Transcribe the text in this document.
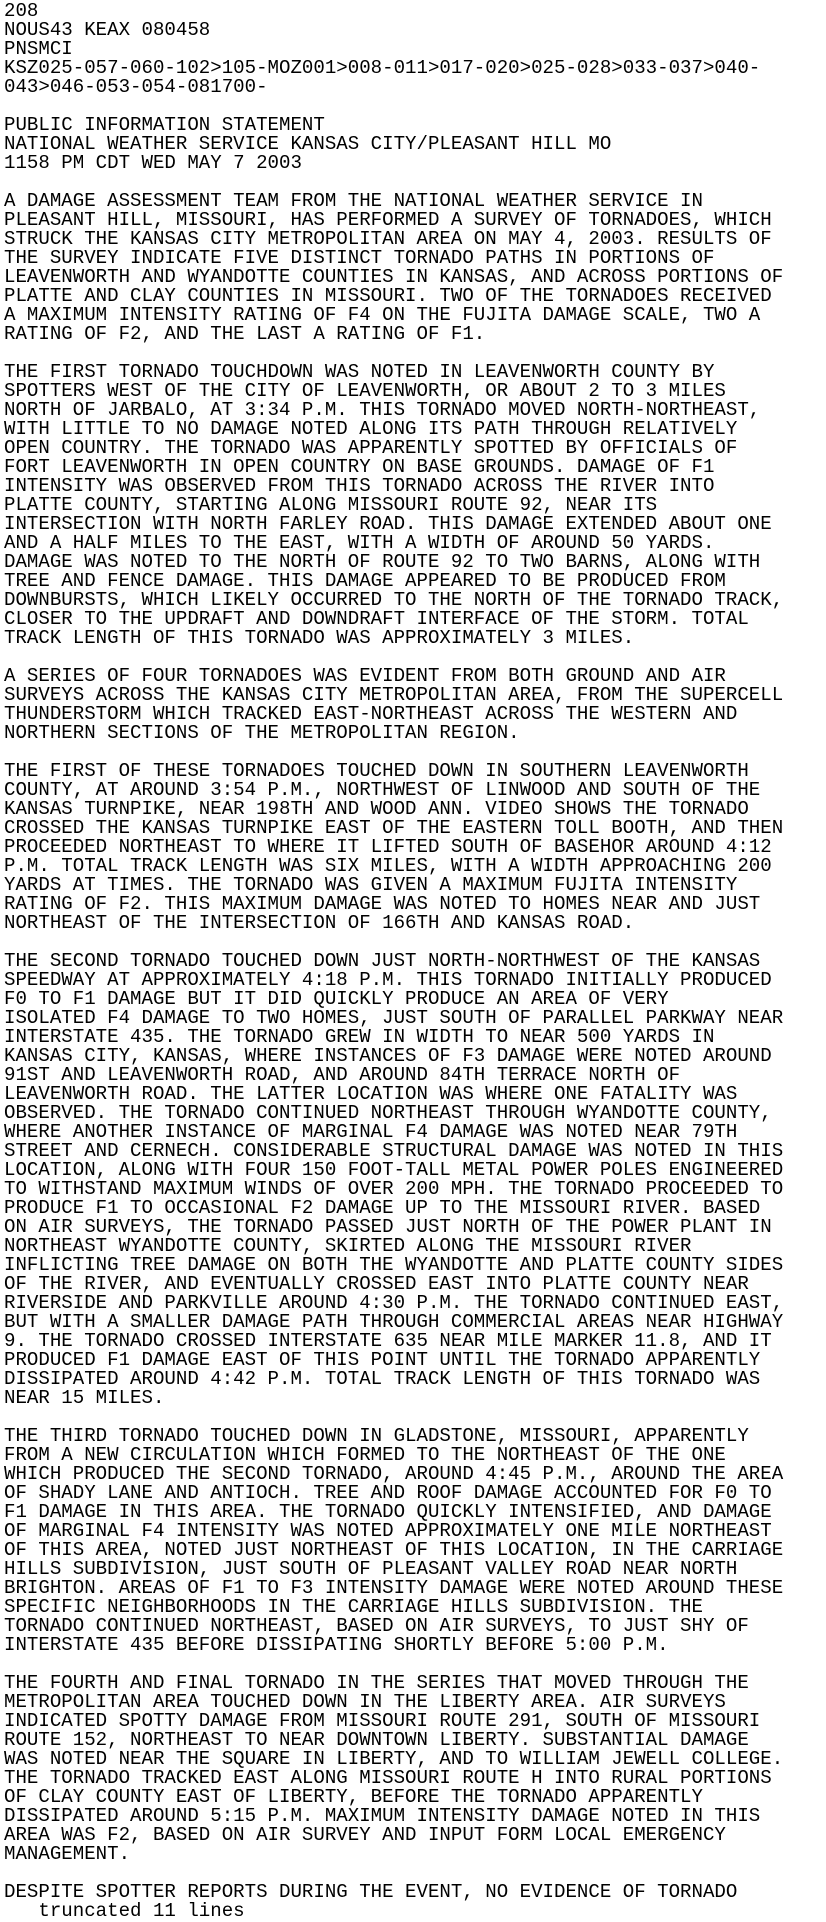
208
NOUS43 KEAX 080458
PNSMCI
KSZ025-057-060-102>105-MOZ001>008-011>017-020>025-028>033-037>040-
043>046-053-054-081700-
PUBLIC INFORMATION STATEMENT
NATIONAL WEATHER SERVICE KANSAS CITY/PLEASANT HILL MO
1158 PM CDT WED MAY 7 2003
A DAMAGE ASSESSMENT TEAM FROM THE NATIONAL WEATHER SERVICE IN
PLEASANT HILL, MISSOURI, HAS PERFORMED A SURVEY OF TORNADOES, WHICH
STRUCK THE KANSAS CITY METROPOLITAN AREA ON MAY 4, 2003. RESULTS OF
THE SURVEY INDICATE FIVE DISTINCT TORNADO PATHS IN PORTIONS OF
LEAVENWORTH AND WYANDOTTE COUNTIES IN KANSAS, AND ACROSS PORTIONS OF
PLATTE AND CLAY COUNTIES IN MISSOURI. TWO OF THE TORNADOES RECEIVED
A MAXIMUM INTENSITY RATING OF F4 ON THE FUJITA DAMAGE SCALE, TWO A
RATING OF F2, AND THE LAST A RATING OF F1.
THE FIRST TORNADO TOUCHDOWN WAS NOTED IN LEAVENWORTH COUNTY BY
SPOTTERS WEST OF THE CITY OF LEAVENWORTH, OR ABOUT 2 TO 3 MILES
NORTH OF JARBALO, AT 3:34 P.M. THIS TORNADO MOVED NORTH-NORTHEAST,
WITH LITTLE TO NO DAMAGE NOTED ALONG ITS PATH THROUGH RELATIVELY
OPEN COUNTRY. THE TORNADO WAS APPARENTLY SPOTTED BY OFFICIALS OF
FORT LEAVENWORTH IN OPEN COUNTRY ON BASE GROUNDS. DAMAGE OF F1
INTENSITY WAS OBSERVED FROM THIS TORNADO ACROSS THE RIVER INTO
PLATTE COUNTY, STARTING ALONG MISSOURI ROUTE 92, NEAR ITS
INTERSECTION WITH NORTH FARLEY ROAD. THIS DAMAGE EXTENDED ABOUT ONE
AND A HALF MILES TO THE EAST, WITH A WIDTH OF AROUND 50 YARDS.
DAMAGE WAS NOTED TO THE NORTH OF ROUTE 92 TO TWO BARNS, ALONG WITH
TREE AND FENCE DAMAGE. THIS DAMAGE APPEARED TO BE PRODUCED FROM
DOWNBURSTS, WHICH LIKELY OCCURRED TO THE NORTH OF THE TORNADO TRACK,
CLOSER TO THE UPDRAFT AND DOWNDRAFT INTERFACE OF THE STORM. TOTAL
TRACK LENGTH OF THIS TORNADO WAS APPROXIMATELY 3 MILES.
A SERIES OF FOUR TORNADOES WAS EVIDENT FROM BOTH GROUND AND AIR
SURVEYS ACROSS THE KANSAS CITY METROPOLITAN AREA, FROM THE SUPERCELL
THUNDERSTORM WHICH TRACKED EAST-NORTHEAST ACROSS THE WESTERN AND
NORTHERN SECTIONS OF THE METROPOLITAN REGION.
THE FIRST OF THESE TORNADOES TOUCHED DOWN IN SOUTHERN LEAVENWORTH
COUNTY, AT AROUND 3:54 P.M., NORTHWEST OF LINWOOD AND SOUTH OF THE
KANSAS TURNPIKE, NEAR 198TH AND WOOD ANN. VIDEO SHOWS THE TORNADO
CROSSED THE KANSAS TURNPIKE EAST OF THE EASTERN TOLL BOOTH, AND THEN
PROCEEDED NORTHEAST TO WHERE IT LIFTED SOUTH OF BASEHOR AROUND 4:12
P.M. TOTAL TRACK LENGTH WAS SIX MILES, WITH A WIDTH APPROACHING 200
YARDS AT TIMES. THE TORNADO WAS GIVEN A MAXIMUM FUJITA INTENSITY
RATING OF F2. THIS MAXIMUM DAMAGE WAS NOTED TO HOMES NEAR AND JUST
NORTHEAST OF THE INTERSECTION OF 166TH AND KANSAS ROAD.
THE SECOND TORNADO TOUCHED DOWN JUST NORTH-NORTHWEST OF THE KANSAS
SPEEDWAY AT APPROXIMATELY 4:18 P.M. THIS TORNADO INITIALLY PRODUCED
F0 TO F1 DAMAGE BUT IT DID QUICKLY PRODUCE AN AREA OF VERY
ISOLATED F4 DAMAGE TO TWO HOMES, JUST SOUTH OF PARALLEL PARKWAY NEAR
INTERSTATE 435. THE TORNADO GREW IN WIDTH TO NEAR 500 YARDS IN
KANSAS CITY, KANSAS, WHERE INSTANCES OF F3 DAMAGE WERE NOTED AROUND
91ST AND LEAVENWORTH ROAD, AND AROUND 84TH TERRACE NORTH OF
LEAVENWORTH ROAD. THE LATTER LOCATION WAS WHERE ONE FATALITY WAS
OBSERVED. THE TORNADO CONTINUED NORTHEAST THROUGH WYANDOTTE COUNTY,
WHERE ANOTHER INSTANCE OF MARGINAL F4 DAMAGE WAS NOTED NEAR 79TH
STREET AND CERNECH. CONSIDERABLE STRUCTURAL DAMAGE WAS NOTED IN THIS
LOCATION, ALONG WITH FOUR 150 FOOT-TALL METAL POWER POLES ENGINEERED
TO WITHSTAND MAXIMUM WINDS OF OVER 200 MPH. THE TORNADO PROCEEDED TO
PRODUCE F1 TO OCCASIONAL F2 DAMAGE UP TO THE MISSOURI RIVER. BASED
ON AIR SURVEYS, THE TORNADO PASSED JUST NORTH OF THE POWER PLANT IN
NORTHEAST WYANDOTTE COUNTY, SKIRTED ALONG THE MISSOURI RIVER
INFLICTING TREE DAMAGE ON BOTH THE WYANDOTTE AND PLATTE COUNTY SIDES
OF THE RIVER, AND EVENTUALLY CROSSED EAST INTO PLATTE COUNTY NEAR
RIVERSIDE AND PARKVILLE AROUND 4:30 P.M. THE TORNADO CONTINUED EAST,
BUT WITH A SMALLER DAMAGE PATH THROUGH COMMERCIAL AREAS NEAR HIGHWAY
9. THE TORNADO CROSSED INTERSTATE 635 NEAR MILE MARKER 11.8, AND IT
PRODUCED F1 DAMAGE EAST OF THIS POINT UNTIL THE TORNADO APPARENTLY
DISSIPATED AROUND 4:42 P.M. TOTAL TRACK LENGTH OF THIS TORNADO WAS
NEAR 15 MILES.
THE THIRD TORNADO TOUCHED DOWN IN GLADSTONE, MISSOURI, APPARENTLY
FROM A NEW CIRCULATION WHICH FORMED TO THE NORTHEAST OF THE ONE
WHICH PRODUCED THE SECOND TORNADO, AROUND 4:45 P.M., AROUND THE AREA
OF SHADY LANE AND ANTIOCH. TREE AND ROOF DAMAGE ACCOUNTED FOR F0 TO
F1 DAMAGE IN THIS AREA. THE TORNADO QUICKLY INTENSIFIED, AND DAMAGE
OF MARGINAL F4 INTENSITY WAS NOTED APPROXIMATELY ONE MILE NORTHEAST
OF THIS AREA, NOTED JUST NORTHEAST OF THIS LOCATION, IN THE CARRIAGE
HILLS SUBDIVISION, JUST SOUTH OF PLEASANT VALLEY ROAD NEAR NORTH
BRIGHTON. AREAS OF F1 TO F3 INTENSITY DAMAGE WERE NOTED AROUND THESE
SPECIFIC NEIGHBORHOODS IN THE CARRIAGE HILLS SUBDIVISION. THE
TORNADO CONTINUED NORTHEAST, BASED ON AIR SURVEYS, TO JUST SHY OF
INTERSTATE 435 BEFORE DISSIPATING SHORTLY BEFORE 5:00 P.M.
THE FOURTH AND FINAL TORNADO IN THE SERIES THAT MOVED THROUGH THE
METROPOLITAN AREA TOUCHED DOWN IN THE LIBERTY AREA. AIR SURVEYS
INDICATED SPOTTY DAMAGE FROM MISSOURI ROUTE 291, SOUTH OF MISSOURI
ROUTE 152, NORTHEAST TO NEAR DOWNTOWN LIBERTY. SUBSTANTIAL DAMAGE
WAS NOTED NEAR THE SQUARE IN LIBERTY, AND TO WILLIAM JEWELL COLLEGE.
THE TORNADO TRACKED EAST ALONG MISSOURI ROUTE H INTO RURAL PORTIONS
OF CLAY COUNTY EAST OF LIBERTY, BEFORE THE TORNADO APPARENTLY
DISSIPATED AROUND 5:15 P.M. MAXIMUM INTENSITY DAMAGE NOTED IN THIS
AREA WAS F2, BASED ON AIR SURVEY AND INPUT FORM LOCAL EMERGENCY
MANAGEMENT.
DESPITE SPOTTER REPORTS DURING THE EVENT, NO EVIDENCE OF TORNADO
truncated 11 lines
